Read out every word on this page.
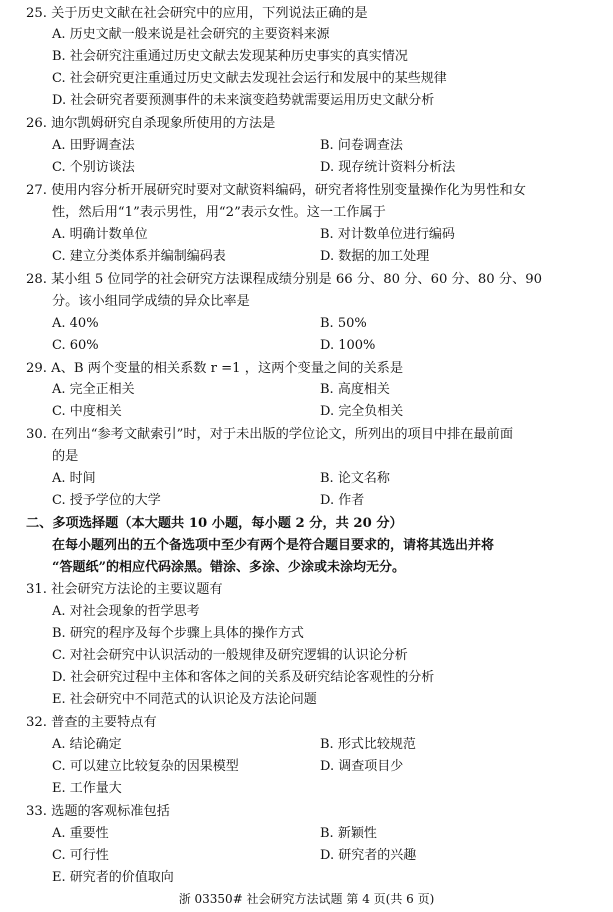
25. 关于历史文献在社会研究中的应用，下列说法正确的是
A. 历史文献一般来说是社会研究的主要资料来源
B. 社会研究注重通过历史文献去发现某种历史事实的真实情况
C. 社会研究更注重通过历史文献去发现社会运行和发展中的某些规律
D. 社会研究者要预测事件的未来演变趋势就需要运用历史文献分析
26. 迪尔凯姆研究自杀现象所使用的方法是
A. 田野调查法	B. 问卷调查法
C. 个别访谈法	D. 现存统计资料分析法
27. 使用内容分析开展研究时要对文献资料编码，研究者将性别变量操作化为男性和女
性，然后用“1”表示男性，用“2”表示女性。这一工作属于
A. 明确计数单位	B. 对计数单位进行编码
C. 建立分类体系并编制编码表	D. 数据的加工处理
28. 某小组 5 位同学的社会研究方法课程成绩分别是 66 分、80 分、60 分、80 分、90
分。该小组同学成绩的异众比率是
A. 40%	B. 50%
C. 60%	D. 100%
29. A、B 两个变量的相关系数 r =1 ，这两个变量之间的关系是
A. 完全正相关	B. 高度相关
C. 中度相关	D. 完全负相关
30. 在列出“参考文献索引”时，对于未出版的学位论文，所列出的项目中排在最前面
的是
A. 时间	B. 论文名称
C. 授予学位的大学	D. 作者
二、多项选择题（本大题共 10 小题，每小题 2 分，共 20 分）
在每小题列出的五个备选项中至少有两个是符合题目要求的，请将其选出并将
“答题纸”的相应代码涂黑。错涂、多涂、少涂或未涂均无分。
31. 社会研究方法论的主要议题有
A. 对社会现象的哲学思考
B. 研究的程序及每个步骤上具体的操作方式
C. 对社会研究中认识活动的一般规律及研究逻辑的认识论分析
D. 社会研究过程中主体和客体之间的关系及研究结论客观性的分析
E. 社会研究中不同范式的认识论及方法论问题
32. 普查的主要特点有
A. 结论确定	B. 形式比较规范
C. 可以建立比较复杂的因果模型	D. 调查项目少
E. 工作量大
33. 选题的客观标准包括
A. 重要性	B. 新颖性
C. 可行性	D. 研究者的兴趣
E. 研究者的价值取向
浙 03350# 社会研究方法试题 第 4 页(共 6 页)
